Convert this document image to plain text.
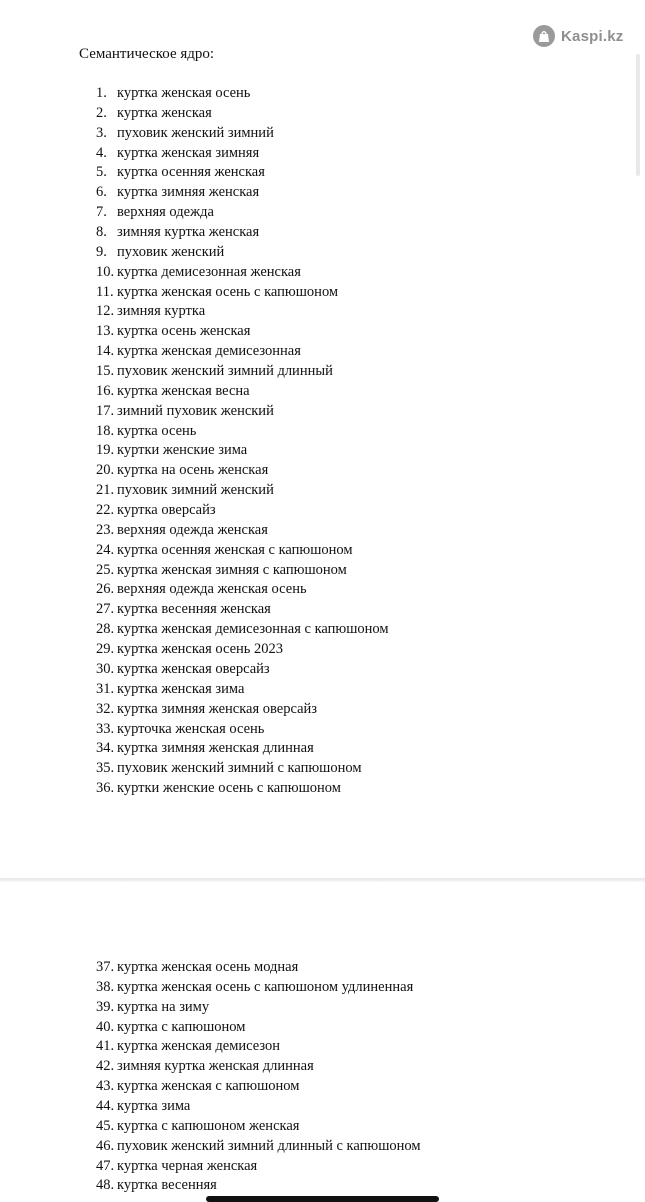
Семантическое ядро:
Kaspi.kz
1. куртка женская осень
2. куртка женская
3. пуховик женский зимний
4. куртка женская зимняя
5. куртка осенняя женская
6. куртка зимняя женская
7. верхняя одежда
8. зимняя куртка женская
9. пуховик женский
10. куртка демисезонная женская
11. куртка женская осень с капюшоном
12. зимняя куртка
13. куртка осень женская
14. куртка женская демисезонная
15. пуховик женский зимний длинный
16. куртка женская весна
17. зимний пуховик женский
18. куртка осень
19. куртки женские зима
20. куртка на осень женская
21. пуховик зимний женский
22. куртка оверсайз
23. верхняя одежда женская
24. куртка осенняя женская с капюшоном
25. куртка женская зимняя с капюшоном
26. верхняя одежда женская осень
27. куртка весенняя женская
28. куртка женская демисезонная с капюшоном
29. куртка женская осень 2023
30. куртка женская оверсайз
31. куртка женская зима
32. куртка зимняя женская оверсайз
33. курточка женская осень
34. куртка зимняя женская длинная
35. пуховик женский зимний с капюшоном
36. куртки женские осень с капюшоном
37. куртка женская осень модная
38. куртка женская осень с капюшоном удлиненная
39. куртка на зиму
40. куртка с капюшоном
41. куртка женская демисезон
42. зимняя куртка женская длинная
43. куртка женская с капюшоном
44. куртка зима
45. куртка с капюшоном женская
46. пуховик женский зимний длинный с капюшоном
47. куртка черная женская
48. куртка весенняя
